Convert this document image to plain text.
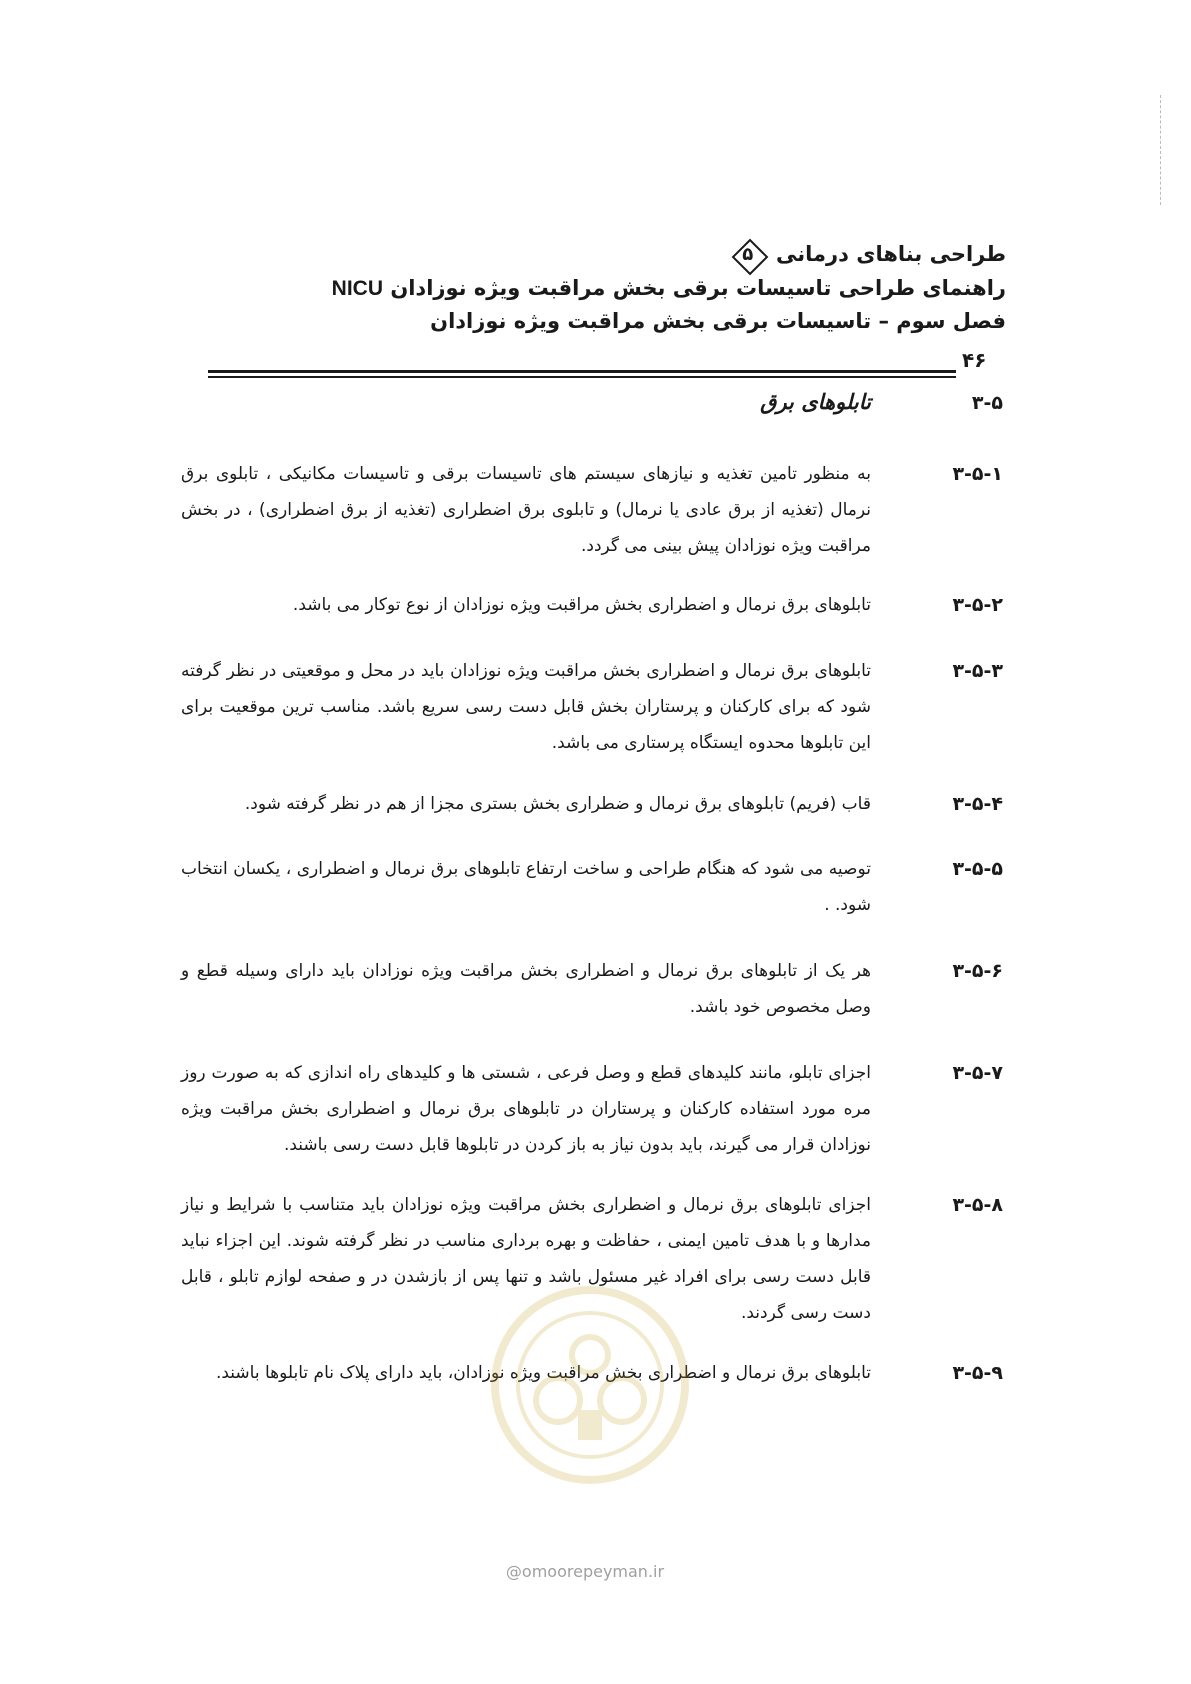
طراحی بناهای درمانی
۵
راهنمای طراحی تاسیسات برقی بخش مراقبت ویژه نوزادان NICU
فصل سوم – تاسیسات برقی بخش مراقبت ویژه نوزادان
۴۶
۳-۵
تابلوهای برق
۳-۵-۱
به منظور تامین تغذیه و نیازهای سیستم های تاسیسات برقی و تاسیسات مکانیکی ، تابلوی برق نرمال (تغذیه از برق عادی یا نرمال) و تابلوی برق اضطراری (تغذیه از برق اضطراری) ، در بخش مراقبت ویژه نوزادان پیش بینی می گردد.
۳-۵-۲
تابلوهای برق نرمال و اضطراری بخش مراقبت ویژه نوزادان از نوع توکار می باشد.
۳-۵-۳
تابلوهای برق نرمال و اضطراری بخش مراقبت ویژه نوزادان باید در محل و موقعیتی در نظر گرفته شود که برای کارکنان و پرستاران بخش قابل دست رسی سریع باشد. مناسب ترین موقعیت برای این تابلوها محدوه ایستگاه پرستاری می باشد.
۳-۵-۴
قاب (فریم) تابلوهای برق نرمال و ضطراری بخش بستری مجزا از هم در نظر گرفته شود.
۳-۵-۵
توصیه می شود که هنگام طراحی و ساخت ارتفاع تابلوهای برق نرمال و اضطراری ، یکسان انتخاب شود. .
۳-۵-۶
هر یک از تابلوهای برق نرمال و اضطراری بخش مراقبت ویژه نوزادان باید دارای وسیله قطع و وصل مخصوص خود باشد.
۳-۵-۷
اجزای تابلو، مانند کلیدهای قطع و وصل فرعی ، شستی ها و کلیدهای راه اندازی که به صورت روز مره مورد استفاده کارکنان و پرستاران در تابلوهای برق نرمال و اضطراری بخش مراقبت ویژه نوزادان قرار می گیرند، باید بدون نیاز به باز کردن در تابلوها قابل دست رسی باشند.
۳-۵-۸
اجزای تابلوهای برق نرمال و اضطراری بخش مراقبت ویژه نوزادان باید متناسب با شرایط و نیاز مدارها و با هدف تامین ایمنی ، حفاظت و بهره برداری مناسب در نظر گرفته شوند. این اجزاء نباید قابل دست رسی برای افراد غیر مسئول باشد و تنها پس از بازشدن در و صفحه لوازم تابلو ، قابل دست رسی گردند.
۳-۵-۹
تابلوهای برق نرمال و اضطراری بخش مراقبت ویژه نوزادان، باید دارای پلاک نام تابلوها باشند.
@omoorepeyman.ir
